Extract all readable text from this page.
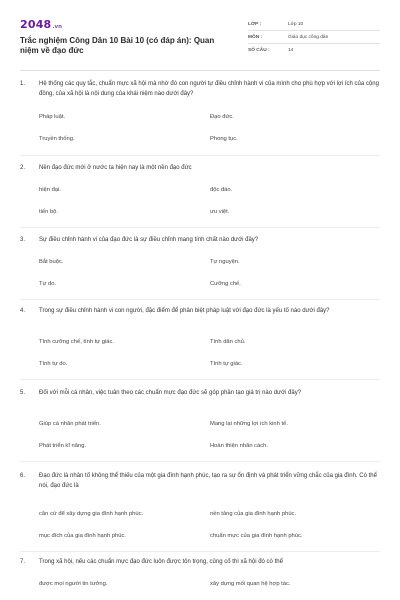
2048 .vn
Trắc nghiệm Công Dân 10 Bài 10 (có đáp án): Quan niệm về đạo đức
LỚP :	Lớp 10
MÔN :	Giáo dục công dân
SỐ CÂU :	14
1.	Hệ thống các quy tắc, chuẩn mực xã hội mà nhờ đó con người tự điều chỉnh hành vi của mình cho phù hợp với lợi ích của cộng đồng, của xã hội là nội dung của khái niệm nào dưới đây?
Pháp luật.	Đạo đức.
Truyền thống.	Phong tục.
2.	Nền đạo đức mới ở nước ta hiện nay là một nền đạo đức
hiện đại.	độc đáo.
tiến bộ.	ưu việt.
3.	Sự điều chỉnh hành vi của đạo đức là sự điều chỉnh mang tính chất nào dưới đây?
Bắt buộc.	Tự nguyện.
Tự do.	Cưỡng chế.
4.	Trong sự điều chỉnh hành vi con người, đặc điểm để phân biệt pháp luật với đạo đức là yếu tố nào dưới đây?
Tính cưỡng chế, tính tự giác.	Tính dân chủ.
Tính tự do.	Tính tự giác.
5.	Đối với mỗi cá nhân, việc tuân theo các chuẩn mực đạo đức sẽ góp phần tạo giá trị nào dưới đây?
Giúp cá nhân phát triển.	Mang lại những lợi ích kinh tế.
Phát triển kĩ năng.	Hoàn thiện nhân cách.
6.	Đạo đức là nhân tố không thể thiếu của một gia đình hạnh phúc, tạo ra sự ổn định và phát triển vững chắc của gia đình. Có thể nói, đạo đức là
căn cứ để xây dựng gia đình hạnh phúc.	nền tảng của gia đình hạnh phúc.
mục đích của gia đình hạnh phúc.	chuẩn mực của gia đình hạnh phúc.
7.	Trong xã hội, nếu các chuẩn mực đạo đức luôn được tôn trọng, củng cố thì xã hội đó có thể
được mọi người tin tưởng.	xây dựng mối quan hệ hợp tác.
